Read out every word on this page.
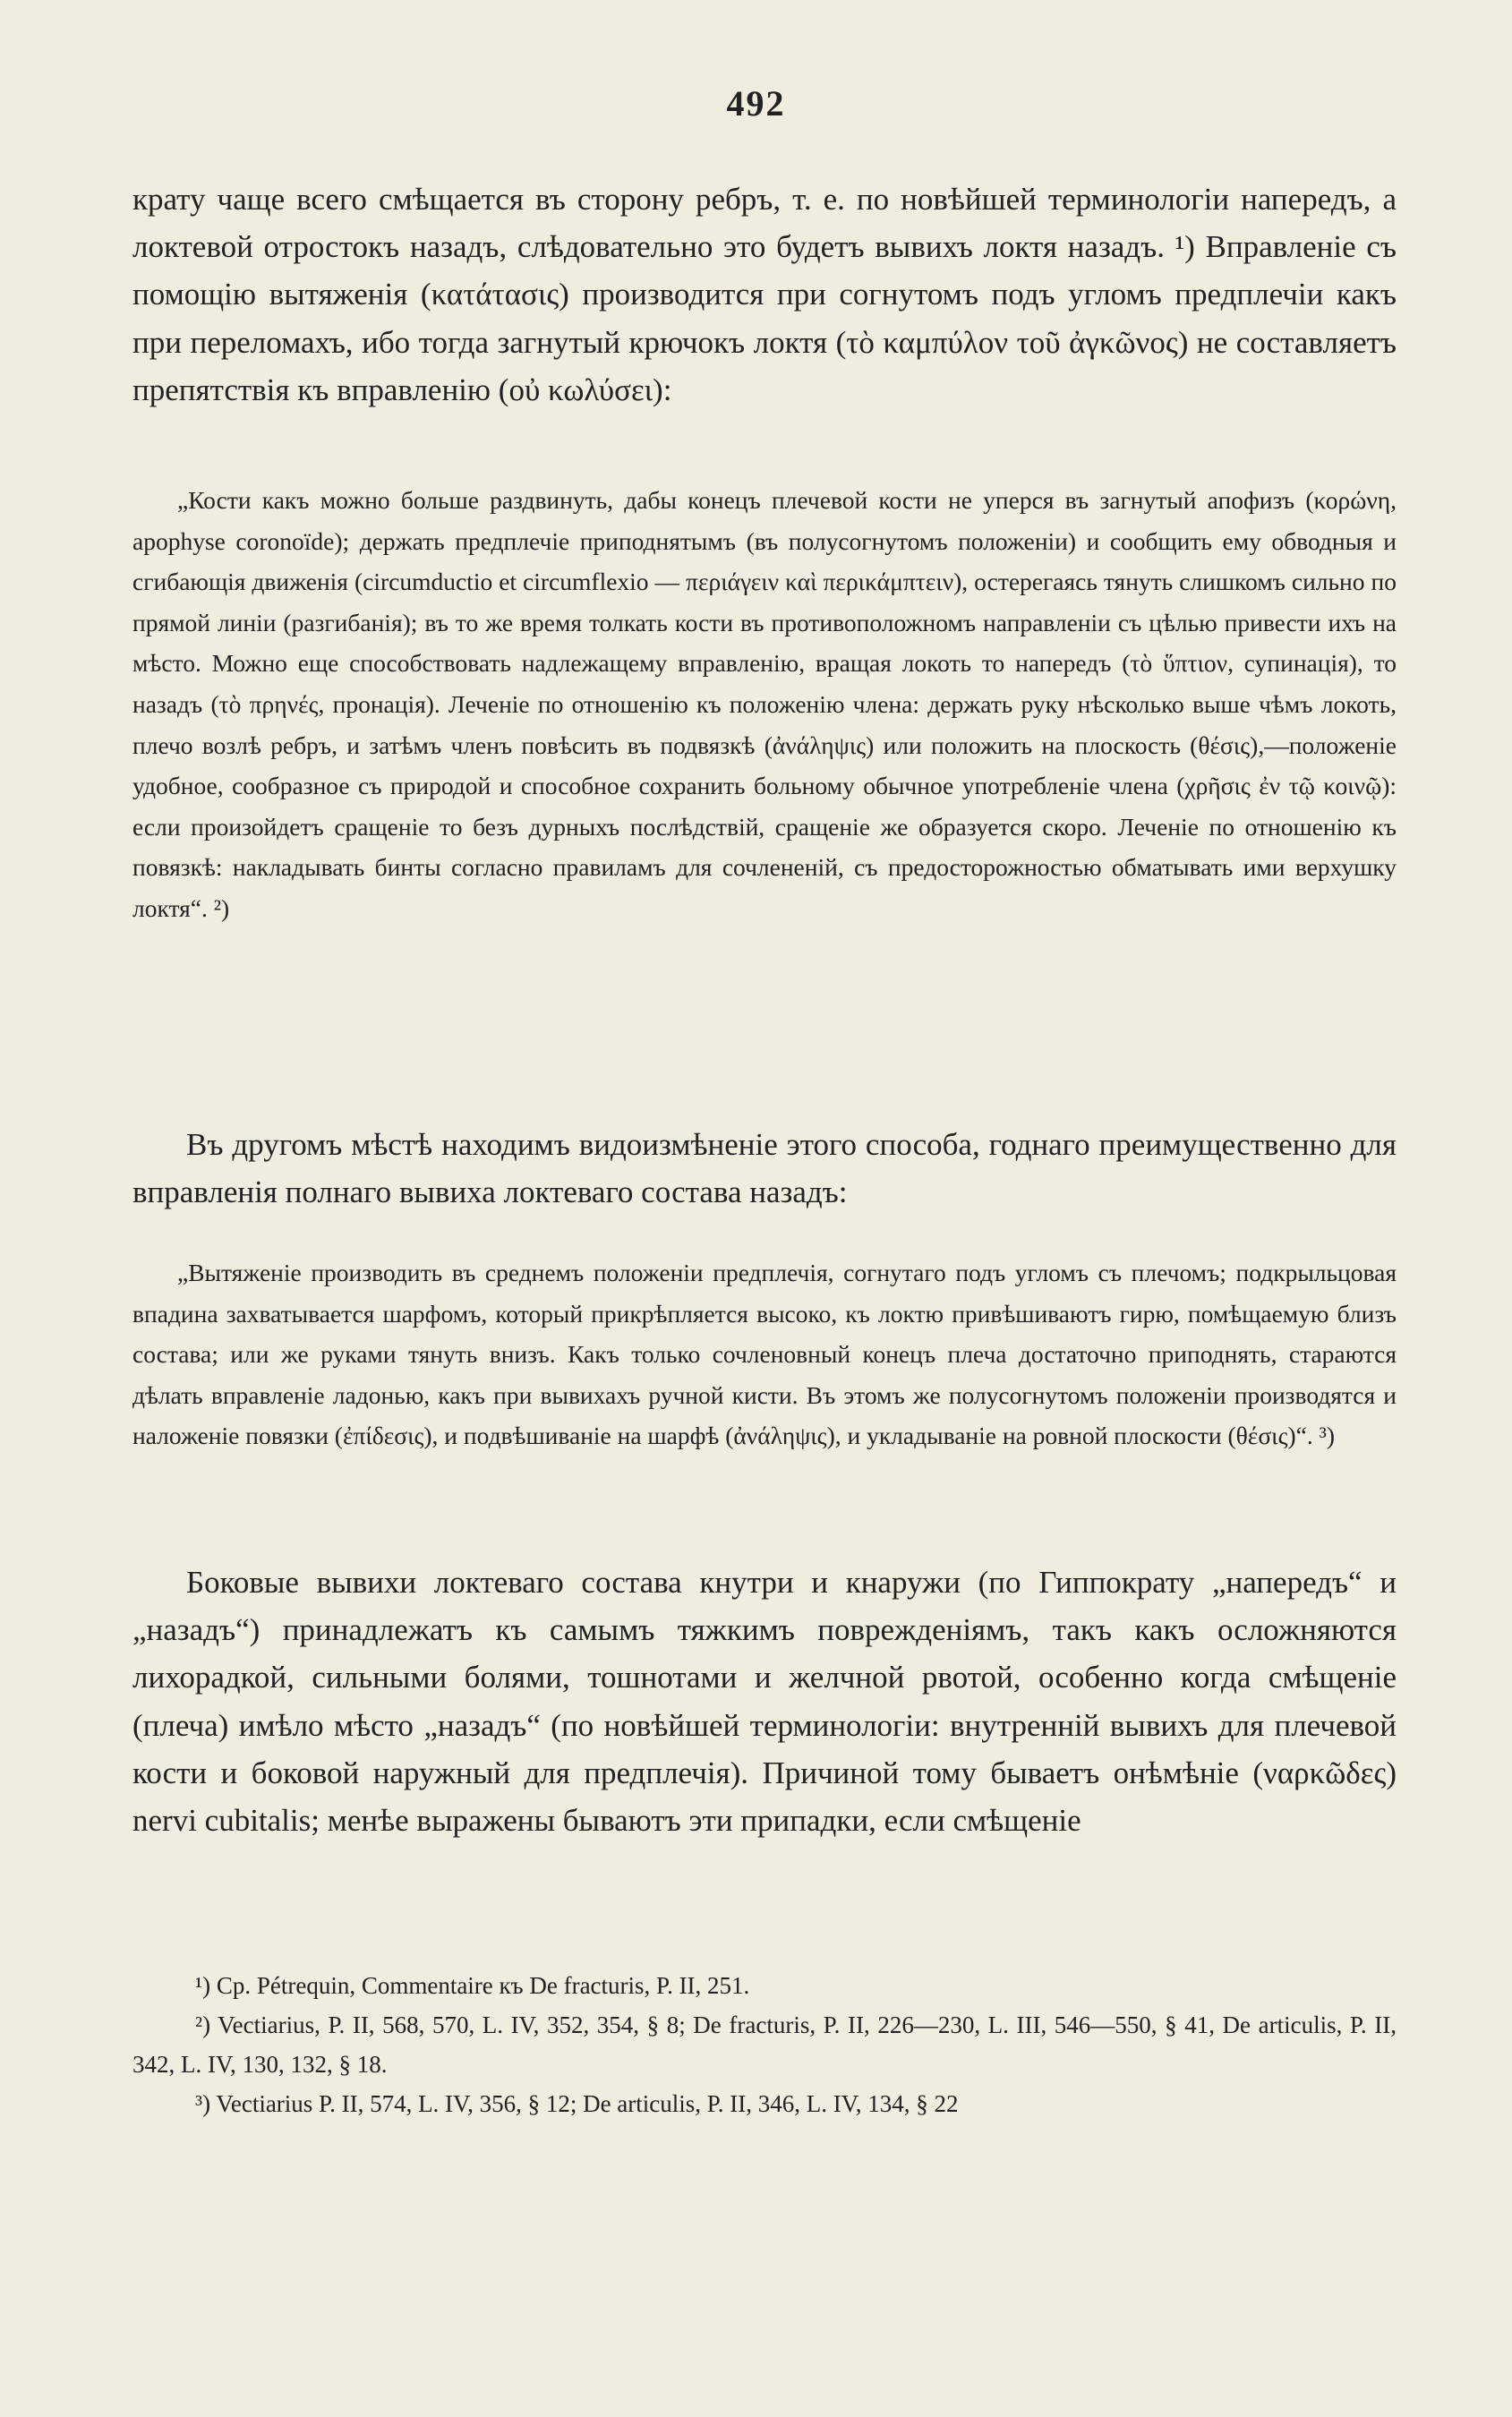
492

крату чаще всего смѣщается въ сторону ребръ, т. е. по новѣйшей терминологіи напередъ, а локтевой отростокъ назадъ, слѣдовательно это будетъ вывихъ локтя назадъ. ¹) Вправленіе съ помощію вытяженія (κατάτασις) производится при согнутомъ подъ угломъ предплечіи какъ при переломахъ, ибо тогда загнутый крючокъ локтя (τὸ καμπύλον τοῦ ἀγκῶνος) не составляетъ препятствія къ вправленію (οὐ κωλύσει):

„Кости какъ можно больше раздвинуть, дабы конецъ плечевой кости не уперся въ загнутый апофизъ (κορώνη, apophyse coronoïde); держать предплечіе приподнятымъ (въ полусогнутомъ положеніи) и сообщить ему обводныя и сгибающія движенія (circumductio et circumflexio — περιάγειν καὶ περικάμπτειν), остерегаясь тянуть слишкомъ сильно по прямой линіи (разгибанія); въ то же время толкать кости въ противоположномъ направленіи съ цѣлью привести ихъ на мѣсто. Можно еще способствовать надлежащему вправленію, вращая локоть то напередъ (τὸ ὕπτιον, супинація), то назадъ (τὸ πρηνές, пронація). Леченіе по отношенію къ положенію члена: держать руку нѣсколько выше чѣмъ локоть, плечо возлѣ ребръ, и затѣмъ членъ повѣсить въ подвязкѣ (ἀνάληψις) или положить на плоскость (θέσις),—положеніе удобное, сообразное съ природой и способное сохранить больному обычное употребленіе члена (χρῆσις ἐν τῷ κοινῷ): если произойдетъ сращеніе то безъ дурныхъ послѣдствій, сращеніе же образуется скоро. Леченіе по отношенію къ повязкѣ: накладывать бинты согласно правиламъ для сочлененій, съ предосторожностью обматывать ими верхушку локтя“. ²)

Въ другомъ мѣстѣ находимъ видоизмѣненіе этого способа, годнаго преимущественно для вправленія полнаго вывиха локтеваго состава назадъ:

„Вытяженіе производить въ среднемъ положеніи предплечія, согнутаго подъ угломъ съ плечомъ; подкрыльцовая впадина захватывается шарфомъ, который прикрѣпляется высоко, къ локтю привѣшиваютъ гирю, помѣщаемую близъ состава; или же руками тянуть внизъ. Какъ только сочленовный конецъ плеча достаточно приподнять, стараются дѣлать вправленіе ладонью, какъ при вывихахъ ручной кисти. Въ этомъ же полусогнутомъ положеніи производятся и наложеніе повязки (ἐπίδεσις), и подвѣшиваніе на шарфѣ (ἀνάληψις), и укладываніе на ровной плоскости (θέσις)“. ³)

Боковые вывихи локтеваго состава кнутри и кнаружи (по Гиппократу „напередъ“ и „назадъ“) принадлежатъ къ самымъ тяжкимъ поврежденіямъ, такъ какъ осложняются лихорадкой, сильными болями, тошнотами и желчной рвотой, особенно когда смѣщеніе (плеча) имѣло мѣсто „назадъ“ (по новѣйшей терминологіи: внутренній вывихъ для плечевой кости и боковой наружный для предплечія). Причиной тому бываетъ онѣмѣніе (ναρκῶδες) nervi cubitalis; менѣе выражены бываютъ эти припадки, если смѣщеніе

¹) Ср. Pétrequin, Commentaire къ De fracturis, P. II, 251.

²) Vectiarius, P. II, 568, 570, L. IV, 352, 354, § 8; De fracturis, P. II, 226—230, L. III, 546—550, § 41, De articulis, P. II, 342, L. IV, 130, 132, § 18.

³) Vectiarius P. II, 574, L. IV, 356, § 12; De articulis, P. II, 346, L. IV, 134, § 22
